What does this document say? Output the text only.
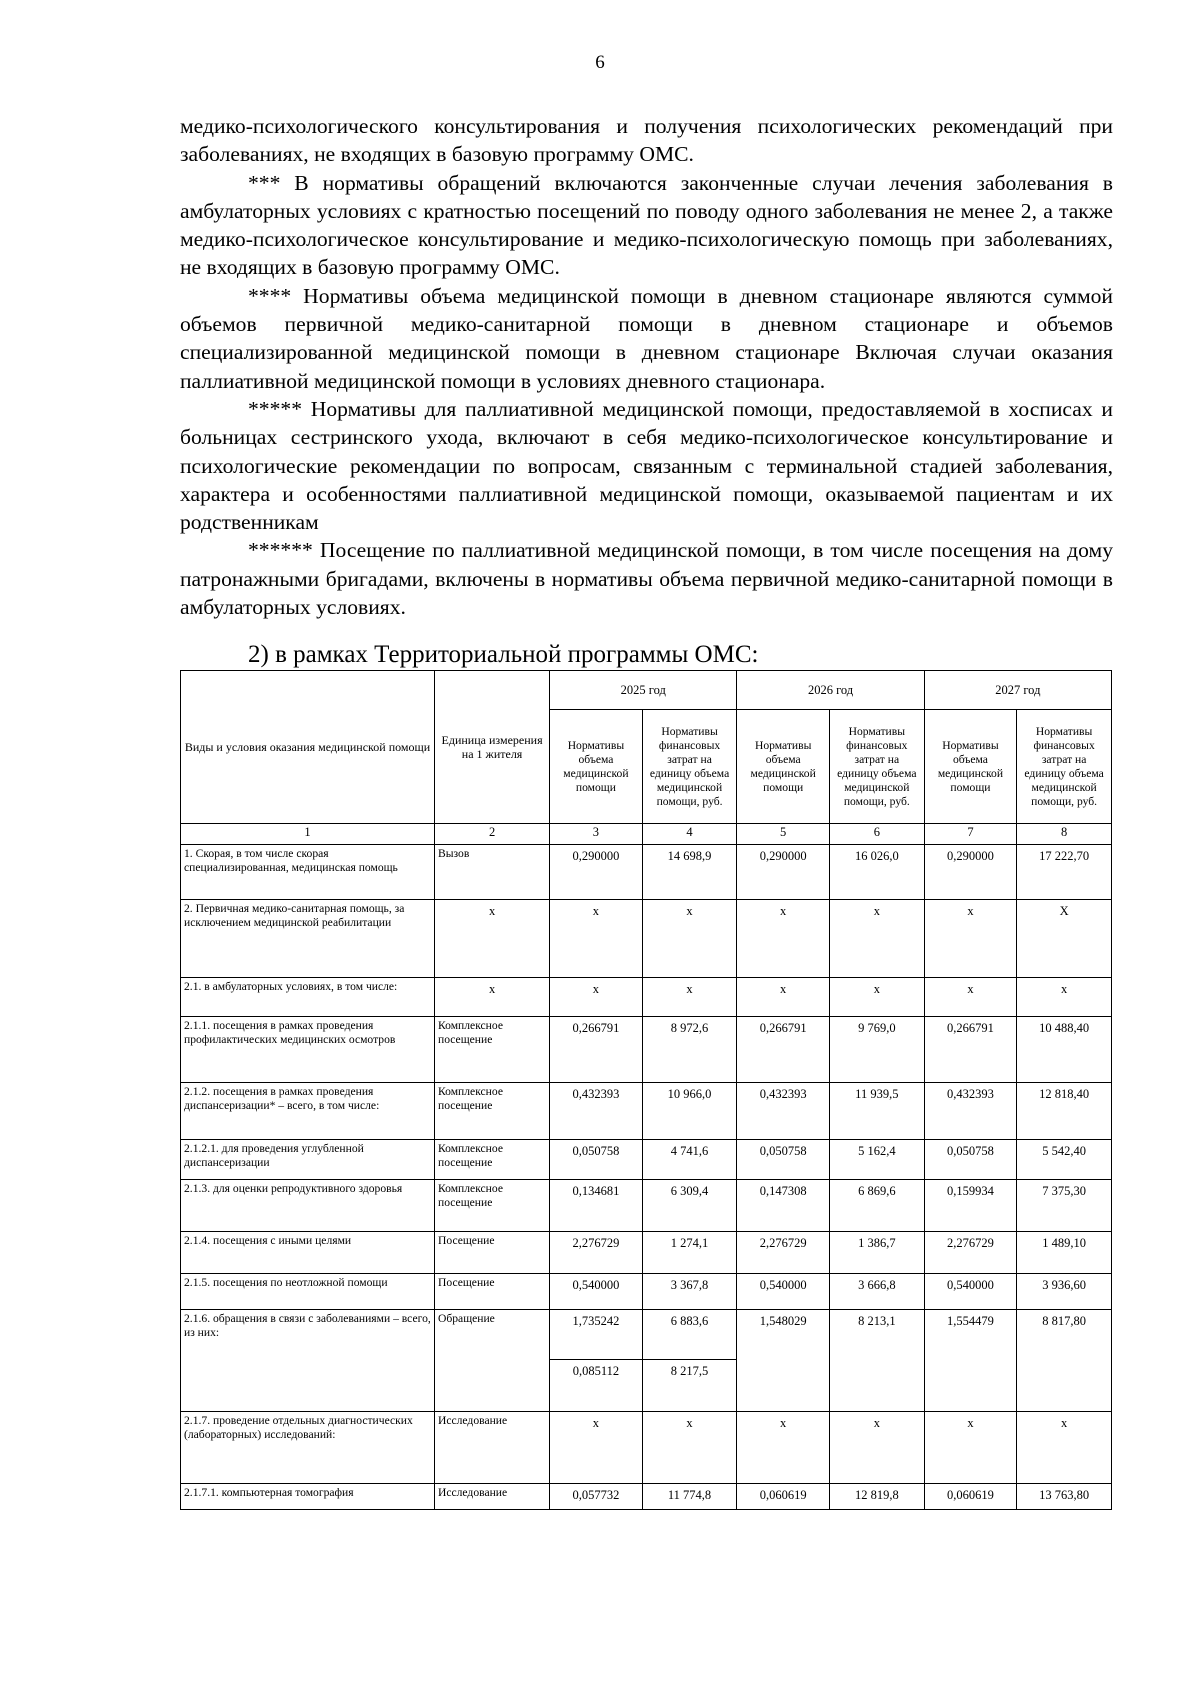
6

медико-психологического консультирования и получения психологических рекомендаций при заболеваниях, не входящих в базовую программу ОМС.

*** В нормативы обращений включаются законченные случаи лечения заболевания в амбулаторных условиях с кратностью посещений по поводу одного заболевания не менее 2, а также медико-психологическое консультирование и медико-психологическую помощь при заболеваниях, не входящих в базовую программу ОМС.

**** Нормативы объема медицинской помощи в дневном стационаре являются суммой объемов первичной медико-санитарной помощи в дневном стационаре и объемов специализированной медицинской помощи в дневном стационаре Включая случаи оказания паллиативной медицинской помощи в условиях дневного стационара.

***** Нормативы для паллиативной медицинской помощи, предоставляемой в хосписах и больницах сестринского ухода, включают в себя медико-психологическое консультирование и психологические рекомендации по вопросам, связанным с терминальной стадией заболевания, характера и особенностями паллиативной медицинской помощи, оказываемой пациентам и их родственникам

****** Посещение по паллиативной медицинской помощи, в том числе посещения на дому патронажными бригадами, включены в нормативы объема первичной медико-санитарной помощи в амбулаторных условиях.

2) в рамках Территориальной программы ОМС:
Виды и условия оказания медицинской помощи	Единица измерения на 1 жителя	2025 год		2026 год		2027 год	
		Нормативы объема медицинской помощи	Нормативы финансовых затрат на единицу объема медицинской помощи, руб.	Нормативы объема медицинской помощи	Нормативы финансовых затрат на единицу объема медицинской помощи, руб.	Нормативы объема медицинской помощи	Нормативы финансовых затрат на единицу объема медицинской помощи, руб.
1	2	3	4	5	6	7	8
1. Скорая, в том числе скорая специализированная, медицинская помощь	Вызов	0,290000	14 698,9	0,290000	16 026,0	0,290000	17 222,70
2. Первичная медико-санитарная помощь, за исключением медицинской реабилитации	x	x	x	x	x	x	X
2.1. в амбулаторных условиях, в том числе:	x	x	x	x	x	x	x
2.1.1. посещения в рамках проведения профилактических медицинских осмотров	Комплексное посещение	0,266791	8 972,6	0,266791	9 769,0	0,266791	10 488,40
2.1.2. посещения в рамках проведения диспансеризации* – всего, в том числе:	Комплексное посещение	0,432393	10 966,0	0,432393	11 939,5	0,432393	12 818,40
2.1.2.1. для проведения углубленной диспансеризации	Комплексное посещение	0,050758	4 741,6	0,050758	5 162,4	0,050758	5 542,40
2.1.3. для оценки репродуктивного здоровья	Комплексное посещение	0,134681	6 309,4	0,147308	6 869,6	0,159934	7 375,30
2.1.4. посещения с иными целями	Посещение	2,276729	1 274,1	2,276729	1 386,7	2,276729	1 489,10
2.1.5. посещения по неотложной помощи	Посещение	0,540000	3 367,8	0,540000	3 666,8	0,540000	3 936,60
2.1.6. обращения в связи с заболеваниями – всего, из них:	Обращение	1,735242	6 883,6	1,548029	8 213,1	1,554479	8 817,80
		0,085112	8 217,5				
2.1.7. проведение отдельных диагностических (лабораторных) исследований:	Исследование	x	x	x	x	x	x
2.1.7.1. компьютерная томография	Исследование	0,057732	11 774,8	0,060619	12 819,8	0,060619	13 763,80
